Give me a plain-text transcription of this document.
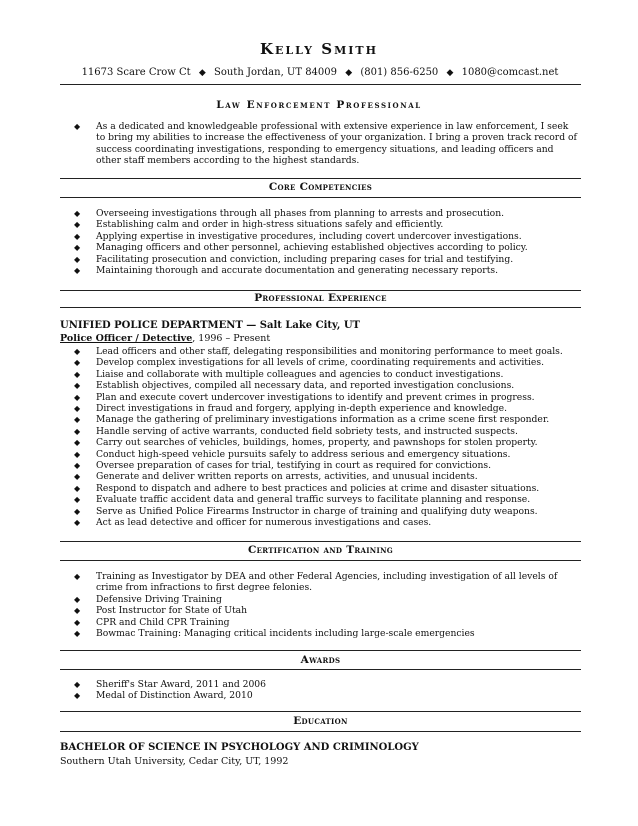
Kelly Smith
11673 Scare Crow Ct ◆ South Jordan, UT 84009 ◆ (801) 856-6250 ◆ 1080@comcast.net
Law Enforcement Professional
◆ As a dedicated and knowledgeable professional with extensive experience in law enforcement, I seek to bring my abilities to increase the effectiveness of your organization. I bring a proven track record of success coordinating investigations, responding to emergency situations, and leading officers and other staff members according to the highest standards.
Core Competencies
◆ Overseeing investigations through all phases from planning to arrests and prosecution.
◆ Establishing calm and order in high-stress situations safely and efficiently.
◆ Applying expertise in investigative procedures, including covert undercover investigations.
◆ Managing officers and other personnel, achieving established objectives according to policy.
◆ Facilitating prosecution and conviction, including preparing cases for trial and testifying.
◆ Maintaining thorough and accurate documentation and generating necessary reports.
Professional Experience
UNIFIED POLICE DEPARTMENT — Salt Lake City, UT
Police Officer / Detective, 1996 – Present
◆ Lead officers and other staff, delegating responsibilities and monitoring performance to meet goals.
◆ Develop complex investigations for all levels of crime, coordinating requirements and activities.
◆ Liaise and collaborate with multiple colleagues and agencies to conduct investigations.
◆ Establish objectives, compiled all necessary data, and reported investigation conclusions.
◆ Plan and execute covert undercover investigations to identify and prevent crimes in progress.
◆ Direct investigations in fraud and forgery, applying in-depth experience and knowledge.
◆ Manage the gathering of preliminary investigations information as a crime scene first responder.
◆ Handle serving of active warrants, conducted field sobriety tests, and instructed suspects.
◆ Carry out searches of vehicles, buildings, homes, property, and pawnshops for stolen property.
◆ Conduct high-speed vehicle pursuits safely to address serious and emergency situations.
◆ Oversee preparation of cases for trial, testifying in court as required for convictions.
◆ Generate and deliver written reports on arrests, activities, and unusual incidents.
◆ Respond to dispatch and adhere to best practices and policies at crime and disaster situations.
◆ Evaluate traffic accident data and general traffic surveys to facilitate planning and response.
◆ Serve as Unified Police Firearms Instructor in charge of training and qualifying duty weapons.
◆ Act as lead detective and officer for numerous investigations and cases.
Certification and Training
◆ Training as Investigator by DEA and other Federal Agencies, including investigation of all levels of crime from infractions to first degree felonies.
◆ Defensive Driving Training
◆ Post Instructor for State of Utah
◆ CPR and Child CPR Training
◆ Bowmac Training: Managing critical incidents including large-scale emergencies
Awards
◆ Sheriff's Star Award, 2011 and 2006
◆ Medal of Distinction Award, 2010
Education
BACHELOR OF SCIENCE IN PSYCHOLOGY AND CRIMINOLOGY
Southern Utah University, Cedar City, UT, 1992
